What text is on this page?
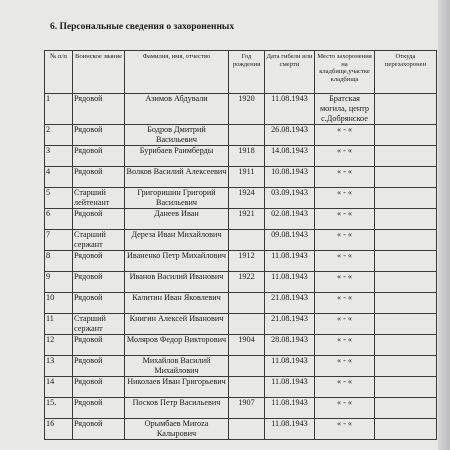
6. Персональные сведения о захороненных
№ п/п	Воинское звание	Фамилия, имя, отчество	Год рождения	Дата гибели или смерти	Место захоронения на кладбище,участке кладбища	Откуда перезахоронен
1	Рядовой	Азимов Абдували	1920	11.08.1943	Братская могила, центр с.Добрянское	
2	Рядовой	Бодров Дмитрий Васильевич		26.08.1943	« - «	
3	Рядовой	Бурибаев Раимберды	1918	14.08.1943	« - «	
4	Рядовой	Волков Василий Алексеевич	1911	10.08.1943	« - «	
5	Старший лейтенант	Григоришин Григорий Васильевич	1924	03.09.1943	« - «	
6	Рядовой	Данеев Иван	1921	02.08.1943	« - «	
7	Старший сержант	Дереза Иван Михайлович		09.08.1943	« - «	
8	Рядовой	Иваненко Петр Михайлович	1912	11.08.1943	« - «	
9	Рядовой	Иванов Василий Иванович	1922	11.08.1943	« - «	
10	Рядовой	Калитин Иван Яковлевич		21.08.1943	« - «	
11	Старший сержант	Книгин Алексей Иванович		21.08.1943	« - «	
12	Рядовой	Моляров Федор Викторович	1904	28.08.1943	« - «	
13	Рядовой	Михайлов Василий Михайлович		11.08.1943	« - «	
14	Рядовой	Николаев Иван Григорьевич		11.08.1943	« - «	
15.	Рядовой	Посков Петр Васильевич	1907	11.08.1943	« - «	
16	Рядовой	Орымбаев Миroza Калырович		11.08.1943	« - «	
